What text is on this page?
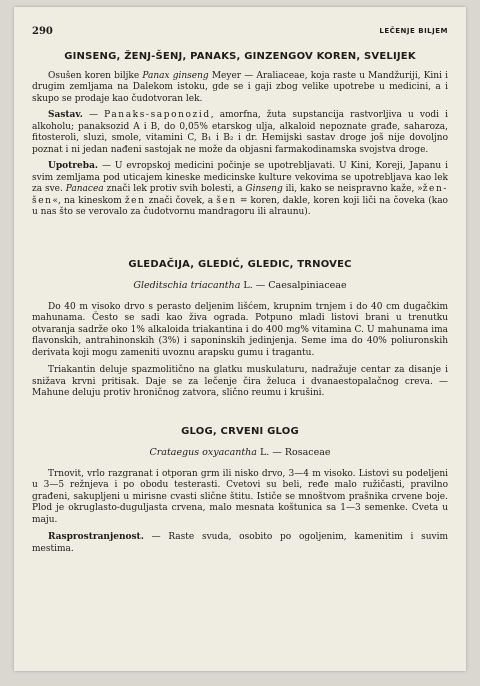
290	LEČENJE BILJEM
GINSENG, ŽENJ-ŠENJ, PANAKS, GINZENGOV KOREN, SVELIJEK

Osušen koren biljke Panax ginseng Meyer — Araliaceae, koja raste u Mandžuriji, Kini i drugim zemljama na Dalekom istoku, gde se i gaji zbog velike upotrebe u medicini, a i skupo se prodaje kao čudotvoran lek.

Sastav. — Panaks-saponozid, amorfna, žuta supstancija rastvorljiva u vodi i alkoholu; panaksozid A i B, do 0,05% etarskog ulja, alkaloid nepoznate građe, saharoza, fitosteroli, sluzi, smole, vitamini C, B₁ i B₂ i dr. Hemijski sastav droge još nije dovoljno poznat i ni jedan nađeni sastojak ne može da objasni farmakodinamska svojstva droge.

Upotreba. — U evropskoj medicini počinje se upotrebljavati. U Kini, Koreji, Japanu i svim zemljama pod uticajem kineske medicinske kulture vekovima se upotrebljava kao lek za sve. Panacea znači lek protiv svih bolesti, a Ginseng ili, kako se neispravno kaže, »žen-šen«, na kineskom žen znači čovek, a šen = koren, dakle, koren koji liči na čoveka (kao u nas što se verovalo za čudotvornu mandragoru ili alraunu).

GLEDAČIJA, GLEDIĆ, GLEDIC, TRNOVEC
Gleditschia triacantha L. — Caesalpiniaceae

Do 40 m visoko drvo s perasto deljenim lišćem, krupnim trnjem i do 40 cm dugačkim mahunama. Često se sadi kao živa ograda. Potpuno mladi listovi brani u trenutku otvaranja sadrže oko 1% alkaloida triakantina i do 400 mg% vitamina C. U mahunama ima flavonskih, antrahinonskih (3%) i saponinskih jedinjenja. Seme ima do 40% poliuronskih derivata koji mogu zameniti uvoznu arapsku gumu i tragantu.

Triakantin deluje spazmolitično na glatku muskulaturu, nadražuje centar za disanje i snižava krvni pritisak. Daje se za lečenje čira želuca i dvanaestopalačnog creva. — Mahune deluju protiv hroničnog zatvora, slično reumu i krušini.

GLOG, CRVENI GLOG
Crataegus oxyacantha L. — Rosaceae

Trnovit, vrlo razgranat i otporan grm ili nisko drvo, 3—4 m visoko. Listovi su podeljeni u 3—5 režnjeva i po obodu testerasti. Cvetovi su beli, ređe malo ružičasti, pravilno građeni, sakupljeni u mirisne cvasti slične štitu. Ističe se mnoštvom prašnika crvene boje. Plod je okruglasto-duguljasta crvena, malo mesnata koštunica sa 1—3 semenke. Cveta u maju.

Rasprostranjenost. — Raste svuda, osobito po ogoljenim, kamenitim i suvim mestima.
